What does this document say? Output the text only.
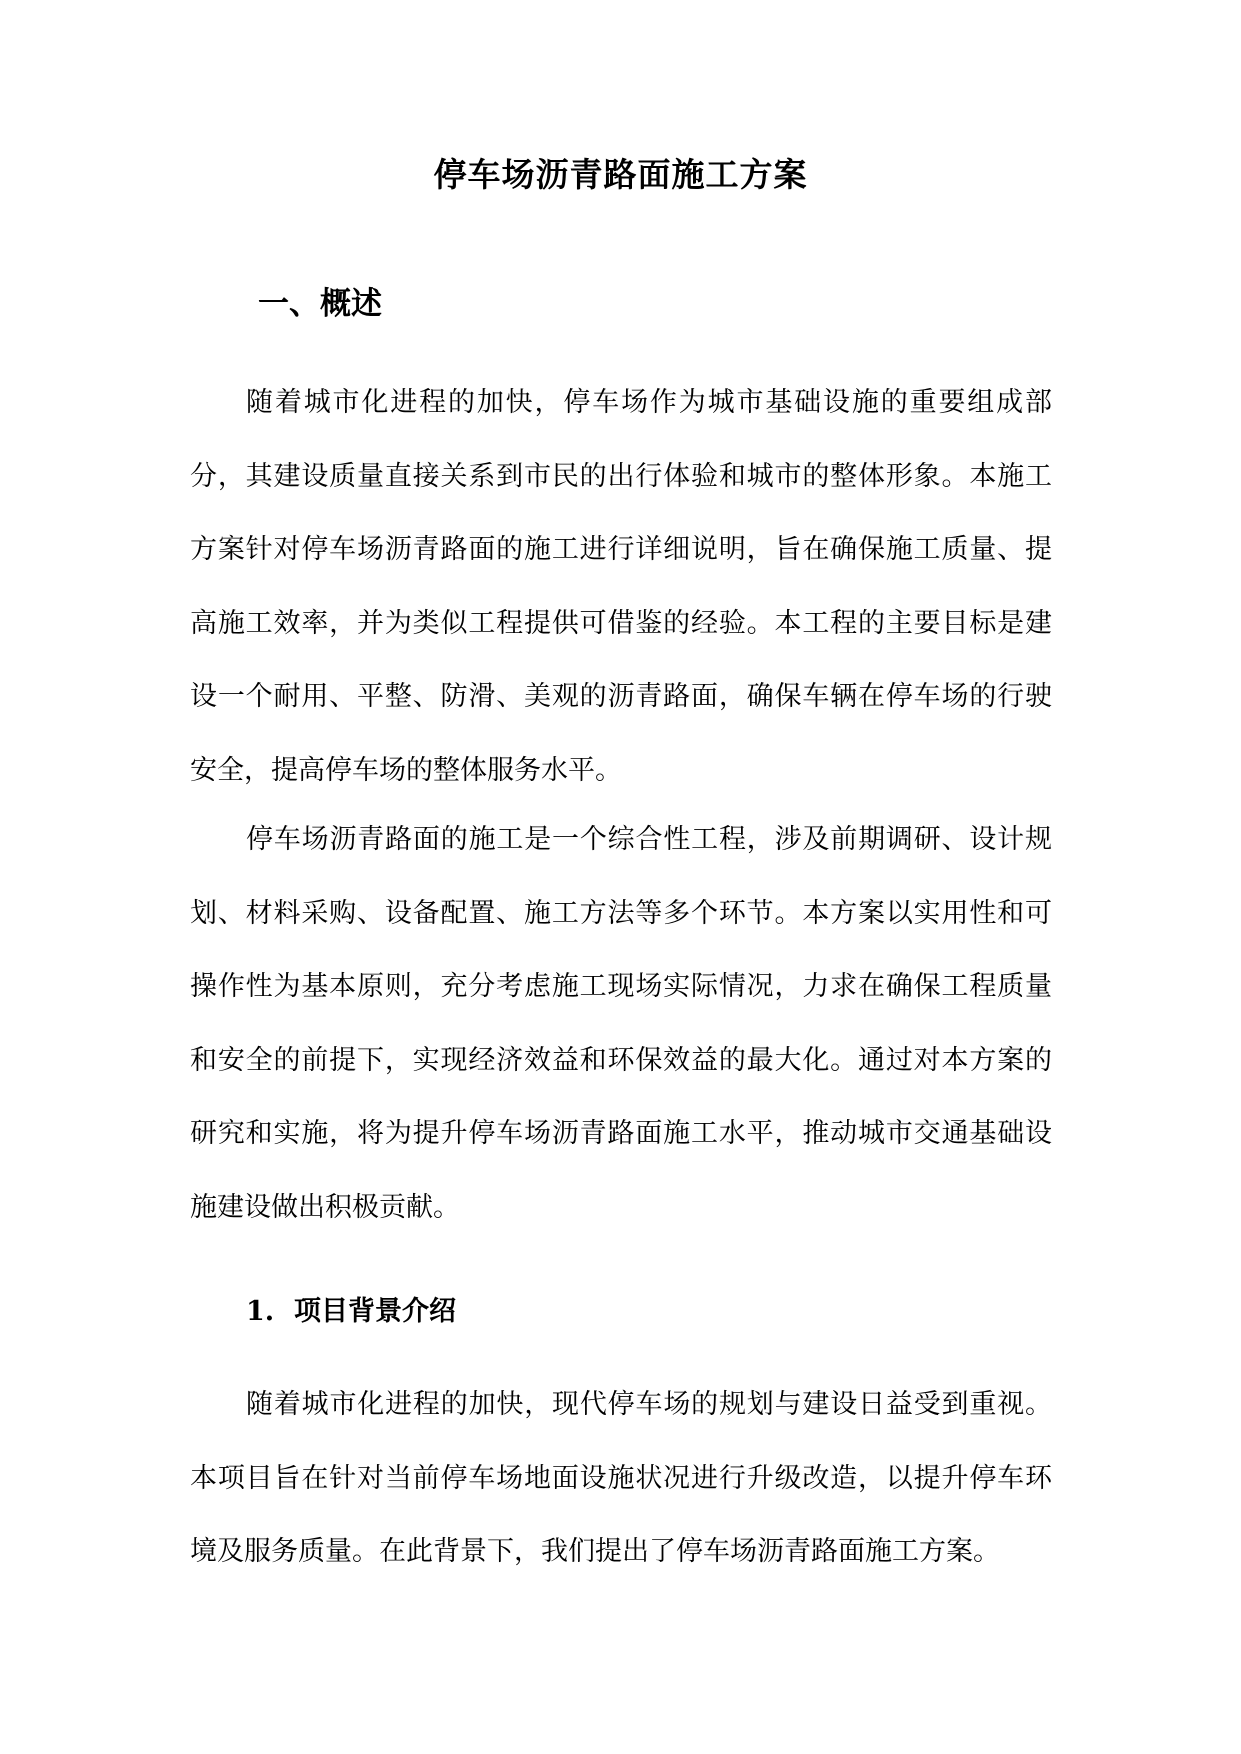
停车场沥青路面施工方案
一、概述

随着城市化进程的加快，停车场作为城市基础设施的重要组成部分，其建设质量直接关系到市民的出行体验和城市的整体形象。本施工方案针对停车场沥青路面的施工进行详细说明，旨在确保施工质量、提高施工效率，并为类似工程提供可借鉴的经验。本工程的主要目标是建设一个耐用、平整、防滑、美观的沥青路面，确保车辆在停车场的行驶安全，提高停车场的整体服务水平。

停车场沥青路面的施工是一个综合性工程，涉及前期调研、设计规划、材料采购、设备配置、施工方法等多个环节。本方案以实用性和可操作性为基本原则，充分考虑施工现场实际情况，力求在确保工程质量和安全的前提下，实现经济效益和环保效益的最大化。通过对本方案的研究和实施，将为提升停车场沥青路面施工水平，推动城市交通基础设施建设做出积极贡献。

1. 项目背景介绍

随着城市化进程的加快，现代停车场的规划与建设日益受到重视。本项目旨在针对当前停车场地面设施状况进行升级改造，以提升停车环境及服务质量。在此背景下，我们提出了停车场沥青路面施工方案。
